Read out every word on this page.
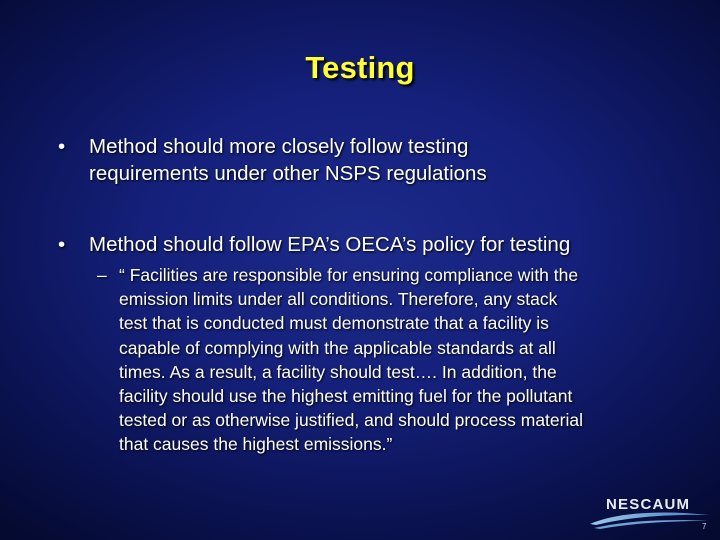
Testing
•	Method should more closely follow testing
requirements under other NSPS regulations
•	Method should follow EPA’s OECA’s policy for testing
– “ Facilities are responsible for ensuring compliance with the
emission limits under all conditions. Therefore, any stack
test that is conducted must demonstrate that a facility is
capable of complying with the applicable standards at all
times. As a result, a facility should test…. In addition, the
facility should use the highest emitting fuel for the pollutant
tested or as otherwise justified, and should process material
that causes the highest emissions.”
NESCAUM
7
